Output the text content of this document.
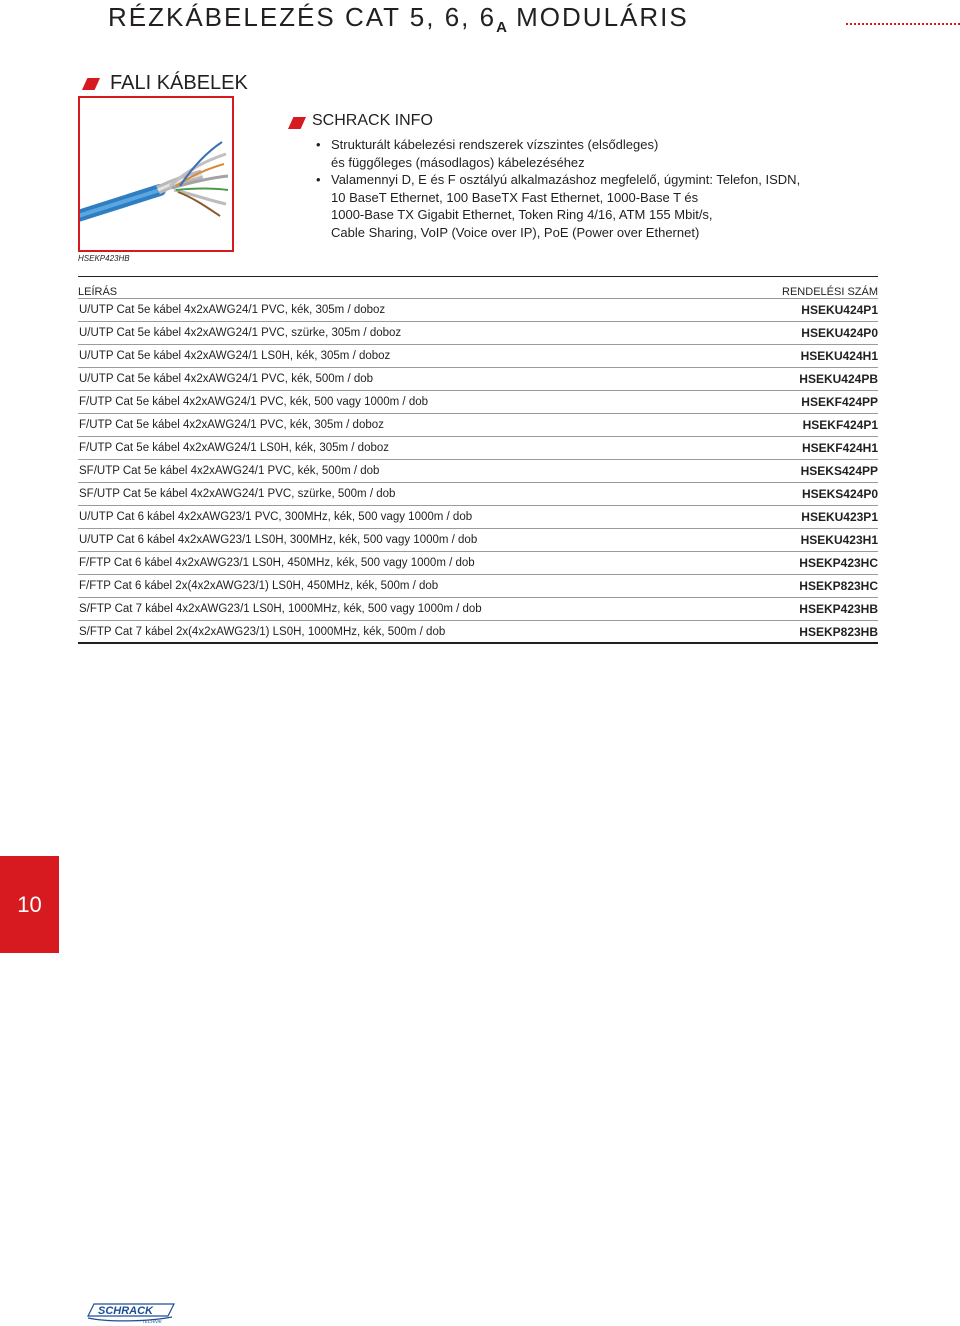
RÉZKÁBELEZÉS CAT 5, 6, $6_A$ MODULÁRIS
FALI KÁBELEK
HSEKP423HB
SCHRACK INFO
• Strukturált kábelezési rendszerek vízszintes (elsődleges)
és függőleges (másodlagos) kábelezéséhez
• Valamennyi D, E és F osztályú alkalmazáshoz megfelelő, úgymint: Telefon, ISDN,
10 BaseT Ethernet, 100 BaseTX Fast Ethernet, 1000-Base T és
1000-Base TX Gigabit Ethernet, Token Ring 4/16, ATM 155 Mbit/s,
Cable Sharing, VoIP (Voice over IP), PoE (Power over Ethernet)
LEÍRÁS	RENDELÉSI SZÁM
U/UTP Cat 5e kábel 4x2xAWG24/1 PVC, kék, 305m / doboz	HSEKU424P1
U/UTP Cat 5e kábel 4x2xAWG24/1 PVC, szürke, 305m / doboz	HSEKU424P0
U/UTP Cat 5e kábel 4x2xAWG24/1 LS0H, kék, 305m / doboz	HSEKU424H1
U/UTP Cat 5e kábel 4x2xAWG24/1 PVC, kék, 500m / dob	HSEKU424PB
F/UTP Cat 5e kábel 4x2xAWG24/1 PVC, kék, 500 vagy 1000m / dob	HSEKF424PP
F/UTP Cat 5e kábel 4x2xAWG24/1 PVC, kék, 305m / doboz	HSEKF424P1
F/UTP Cat 5e kábel 4x2xAWG24/1 LS0H, kék, 305m / doboz	HSEKF424H1
SF/UTP Cat 5e kábel 4x2xAWG24/1 PVC, kék, 500m / dob	HSEKS424PP
SF/UTP Cat 5e kábel 4x2xAWG24/1 PVC, szürke, 500m / dob	HSEKS424P0
U/UTP Cat 6 kábel 4x2xAWG23/1 PVC, 300MHz, kék, 500 vagy 1000m / dob	HSEKU423P1
U/UTP Cat 6 kábel 4x2xAWG23/1 LS0H, 300MHz, kék, 500 vagy 1000m / dob	HSEKU423H1
F/FTP Cat 6 kábel 4x2xAWG23/1 LS0H, 450MHz, kék, 500 vagy 1000m / dob	HSEKP423HC
F/FTP Cat 6 kábel 2x(4x2xAWG23/1) LS0H, 450MHz, kék, 500m / dob	HSEKP823HC
S/FTP Cat 7 kábel 4x2xAWG23/1 LS0H, 1000MHz, kék, 500 vagy 1000m / dob	HSEKP423HB
S/FTP Cat 7 kábel 2x(4x2xAWG23/1) LS0H, 1000MHz, kék, 500m / dob	HSEKP823HB
10
SCHRACK
TECHNIK
